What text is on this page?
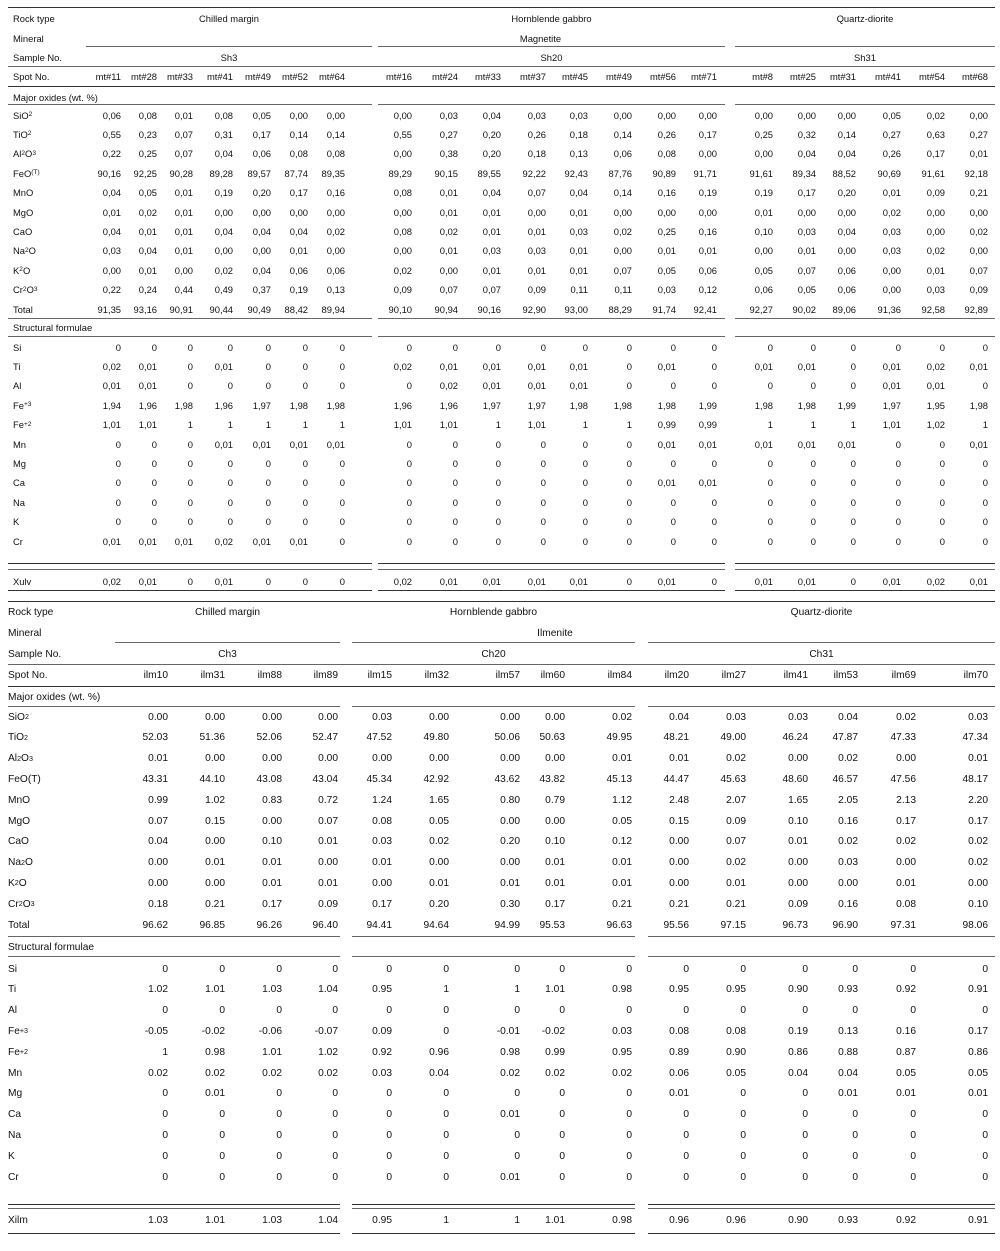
Rock type	Chilled margin	Hornblende gabbro	Quartz-diorite
Mineral	Magnetite
Sample No.	Sh3	Sh20	Sh31
Spot No.	mt#11	mt#28	mt#33	mt#41	mt#49	mt#52	mt#64	mt#16	mt#24	mt#33	mt#37	mt#45	mt#49	mt#56	mt#71	mt#8	mt#25	mt#31	mt#41	mt#54	mt#68
Major oxides (wt. %)
SiO 2	0,06	0,08	0,01	0,08	0,05	0,00	0,00	0,00	0,03	0,04	0,03	0,03	0,00	0,00	0,00	0,00	0,00	0,00	0,05	0,02	0,00
TiO 2	0,55	0,23	0,07	0,31	0,17	0,14	0,14	0,55	0,27	0,20	0,26	0,18	0,14	0,26	0,17	0,25	0,32	0,14	0,27	0,63	0,27
Al 2 O 3	0,22	0,25	0,07	0,04	0,06	0,08	0,08	0,00	0,38	0,20	0,18	0,13	0,06	0,08	0,00	0,00	0,04	0,04	0,26	0,17	0,01
FeO (T)	90,16	92,25	90,28	89,28	89,57	87,74	89,35	89,29	90,15	89,55	92,22	92,43	87,76	90,89	91,71	91,61	89,34	88,52	90,69	91,61	92,18
MnO	0,04	0,05	0,01	0,19	0,20	0,17	0,16	0,08	0,01	0,04	0,07	0,04	0,14	0,16	0,19	0,19	0,17	0,20	0,01	0,09	0,21
MgO	0,01	0,02	0,01	0,00	0,00	0,00	0,00	0,00	0,01	0,01	0,00	0,01	0,00	0,00	0,00	0,01	0,00	0,00	0,02	0,00	0,00
CaO	0,04	0,01	0,01	0,04	0,04	0,04	0,02	0,08	0,02	0,01	0,01	0,03	0,02	0,25	0,16	0,10	0,03	0,04	0,03	0,00	0,02
Na 2 O	0,03	0,04	0,01	0,00	0,00	0,01	0,00	0,00	0,01	0,03	0,03	0,01	0,00	0,01	0,01	0,00	0,01	0,00	0,03	0,02	0,00
K 2 O	0,00	0,01	0,00	0,02	0,04	0,06	0,06	0,02	0,00	0,01	0,01	0,01	0,07	0,05	0,06	0,05	0,07	0,06	0,00	0,01	0,07
Cr 2 O 3	0,22	0,24	0,44	0,49	0,37	0,19	0,13	0,09	0,07	0,07	0,09	0,11	0,11	0,03	0,12	0,06	0,05	0,06	0,00	0,03	0,09
Total	91,35	93,16	90,91	90,44	90,49	88,42	89,94	90,10	90,94	90,16	92,90	93,00	88,29	91,74	92,41	92,27	90,02	89,06	91,36	92,58	92,89
Structural formulae
Si	0	0	0	0	0	0	0	0	0	0	0	0	0	0	0	0	0	0	0	0	0
Ti	0,02	0,01	0	0,01	0	0	0	0,02	0,01	0,01	0,01	0,01	0	0,01	0	0,01	0,01	0	0,01	0,02	0,01
Al	0,01	0,01	0	0	0	0	0	0	0,02	0,01	0,01	0,01	0	0	0	0	0	0	0,01	0,01	0
Fe +3	1,94	1,96	1,98	1,96	1,97	1,98	1,98	1,96	1,96	1,97	1,97	1,98	1,98	1,98	1,99	1,98	1,98	1,99	1,97	1,95	1,98
Fe +2	1,01	1,01	1	1	1	1	1	1,01	1,01	1	1,01	1	1	0,99	0,99	1	1	1	1,01	1,02	1
Mn	0	0	0	0,01	0,01	0,01	0,01	0	0	0	0	0	0	0,01	0,01	0,01	0,01	0,01	0	0	0,01
Mg	0	0	0	0	0	0	0	0	0	0	0	0	0	0	0	0	0	0	0	0	0
Ca	0	0	0	0	0	0	0	0	0	0	0	0	0	0,01	0,01	0	0	0	0	0	0
Na	0	0	0	0	0	0	0	0	0	0	0	0	0	0	0	0	0	0	0	0	0
K	0	0	0	0	0	0	0	0	0	0	0	0	0	0	0	0	0	0	0	0	0
Cr	0,01	0,01	0,01	0,02	0,01	0,01	0	0	0	0	0	0	0	0	0	0	0	0	0	0	0
Xulv	0,02	0,01	0	0,01	0	0	0	0,02	0,01	0,01	0,01	0,01	0	0,01	0	0,01	0,01	0	0,01	0,02	0,01
Rock type	Chilled margin	Hornblende gabbro	Quartz-diorite
Mineral	Ilmenite
Sample No.	Ch3	Ch20	Ch31
Spot No.	ilm10	ilm31	ilm88	ilm89	ilm15	ilm32	ilm57	ilm60	ilm84	ilm20	ilm27	ilm41	ilm53	ilm69	ilm70
Major oxides (wt. %)
SiO 2	0.00	0.00	0.00	0.00	0.03	0.00	0.00	0.00	0.02	0.04	0.03	0.03	0.04	0.02	0.03
TiO 2	52.03	51.36	52.06	52.47	47.52	49.80	50.06	50.63	49.95	48.21	49.00	46.24	47.87	47.33	47.34
Al 2 O 3	0.01	0.00	0.00	0.00	0.00	0.00	0.00	0.00	0.01	0.01	0.02	0.00	0.02	0.00	0.01
FeO(T)	43.31	44.10	43.08	43.04	45.34	42.92	43.62	43.82	45.13	44.47	45.63	48.60	46.57	47.56	48.17
MnO	0.99	1.02	0.83	0.72	1.24	1.65	0.80	0.79	1.12	2.48	2.07	1.65	2.05	2.13	2.20
MgO	0.07	0.15	0.00	0.07	0.08	0.05	0.00	0.00	0.05	0.15	0.09	0.10	0.16	0.17	0.17
CaO	0.04	0.00	0.10	0.01	0.03	0.02	0.20	0.10	0.12	0.00	0.07	0.01	0.02	0.02	0.02
Na 2 O	0.00	0.01	0.01	0.00	0.01	0.00	0.00	0.01	0.01	0.00	0.02	0.00	0.03	0.00	0.02
K 2 O	0.00	0.00	0.01	0.01	0.00	0.01	0.01	0.01	0.01	0.00	0.01	0.00	0.00	0.01	0.00
Cr 2 O 3	0.18	0.21	0.17	0.09	0.17	0.20	0.30	0.17	0.21	0.21	0.21	0.09	0.16	0.08	0.10
Total	96.62	96.85	96.26	96.40	94.41	94.64	94.99	95.53	96.63	95.56	97.15	96.73	96.90	97.31	98.06
Structural formulae
Si	0	0	0	0	0	0	0	0	0	0	0	0	0	0	0
Ti	1.02	1.01	1.03	1.04	0.95	1	1	1.01	0.98	0.95	0.95	0.90	0.93	0.92	0.91
Al	0	0	0	0	0	0	0	0	0	0	0	0	0	0	0
Fe +3	-0.05	-0.02	-0.06	-0.07	0.09	0	-0.01	-0.02	0.03	0.08	0.08	0.19	0.13	0.16	0.17
Fe +2	1	0.98	1.01	1.02	0.92	0.96	0.98	0.99	0.95	0.89	0.90	0.86	0.88	0.87	0.86
Mn	0.02	0.02	0.02	0.02	0.03	0.04	0.02	0.02	0.02	0.06	0.05	0.04	0.04	0.05	0.05
Mg	0	0.01	0	0	0	0	0	0	0	0.01	0	0	0.01	0.01	0.01
Ca	0	0	0	0	0	0	0.01	0	0	0	0	0	0	0	0
Na	0	0	0	0	0	0	0	0	0	0	0	0	0	0	0
K	0	0	0	0	0	0	0	0	0	0	0	0	0	0	0
Cr	0	0	0	0	0	0	0.01	0	0	0	0	0	0	0	0
Xilm	1.03	1.01	1.03	1.04	0.95	1	1	1.01	0.98	0.96	0.96	0.90	0.93	0.92	0.91
